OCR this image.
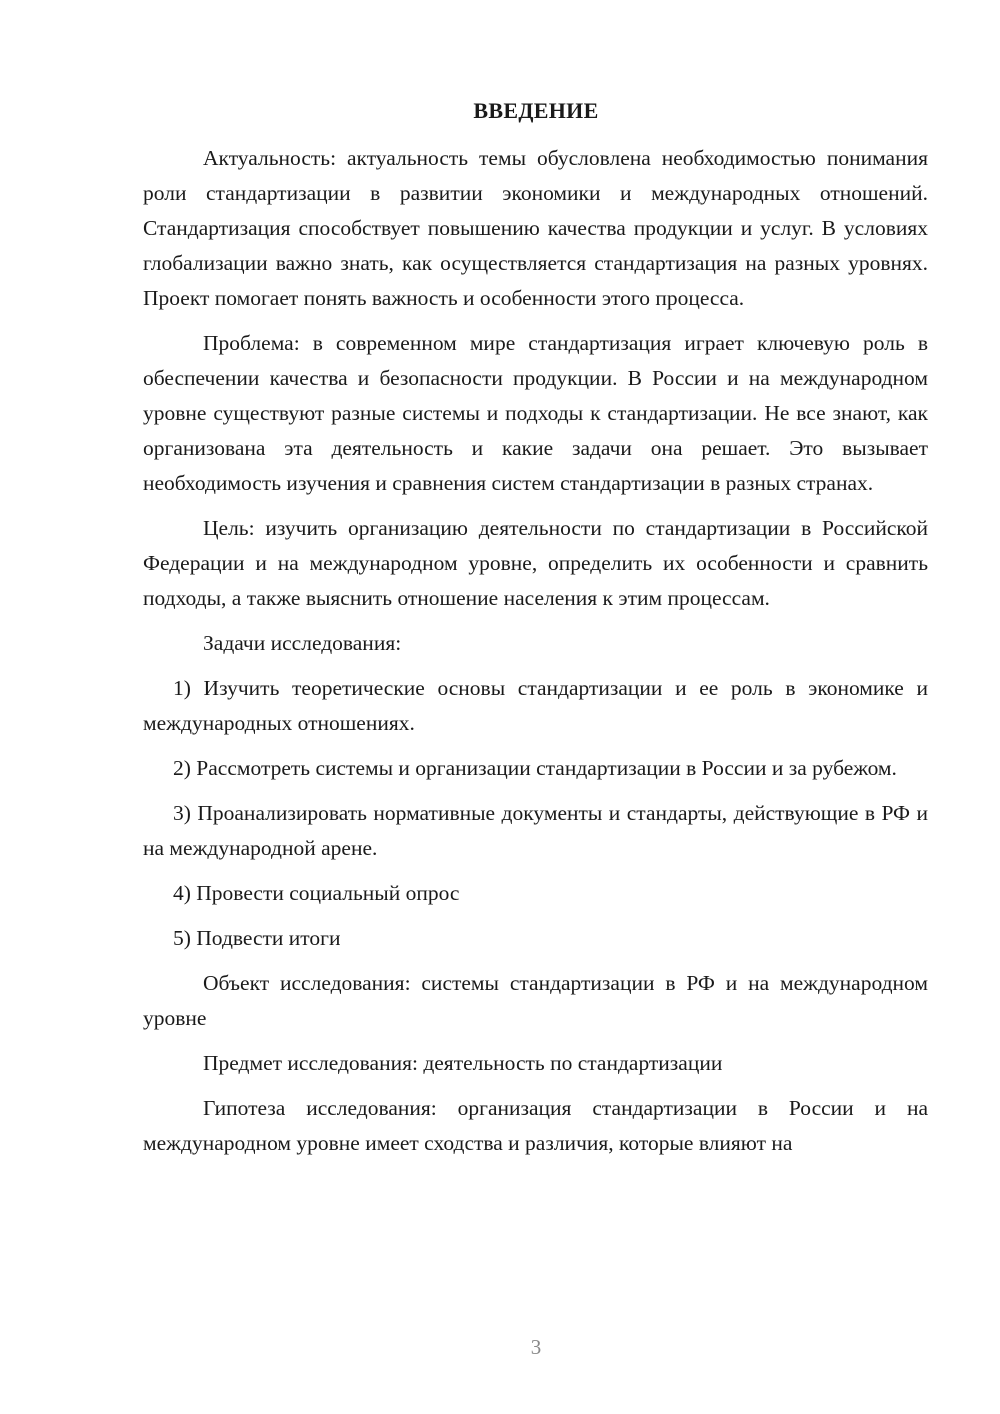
ВВЕДЕНИЕ

Актуальность: актуальность темы обусловлена необходимостью понимания роли стандартизации в развитии экономики и международных отношений. Стандартизация способствует повышению качества продукции и услуг. В условиях глобализации важно знать, как осуществляется стандартизация на разных уровнях. Проект помогает понять важность и особенности этого процесса.

Проблема: в современном мире стандартизация играет ключевую роль в обеспечении качества и безопасности продукции. В России и на международном уровне существуют разные системы и подходы к стандартизации. Не все знают, как организована эта деятельность и какие задачи она решает. Это вызывает необходимость изучения и сравнения систем стандартизации в разных странах.

Цель: изучить организацию деятельности по стандартизации в Российской Федерации и на международном уровне, определить их особенности и сравнить подходы, а также выяснить отношение населения к этим процессам.

Задачи исследования:

1) Изучить теоретические основы стандартизации и ее роль в экономике и международных отношениях.

2) Рассмотреть системы и организации стандартизации в России и за рубежом.

3) Проанализировать нормативные документы и стандарты, действующие в РФ и на международной арене.

4) Провести социальный опрос

5) Подвести итоги

Объект исследования: системы стандартизации в РФ и на международном уровне

Предмет исследования: деятельность по стандартизации

Гипотеза исследования: организация стандартизации в России и на международном уровне имеет сходства и различия, которые влияют на

3
